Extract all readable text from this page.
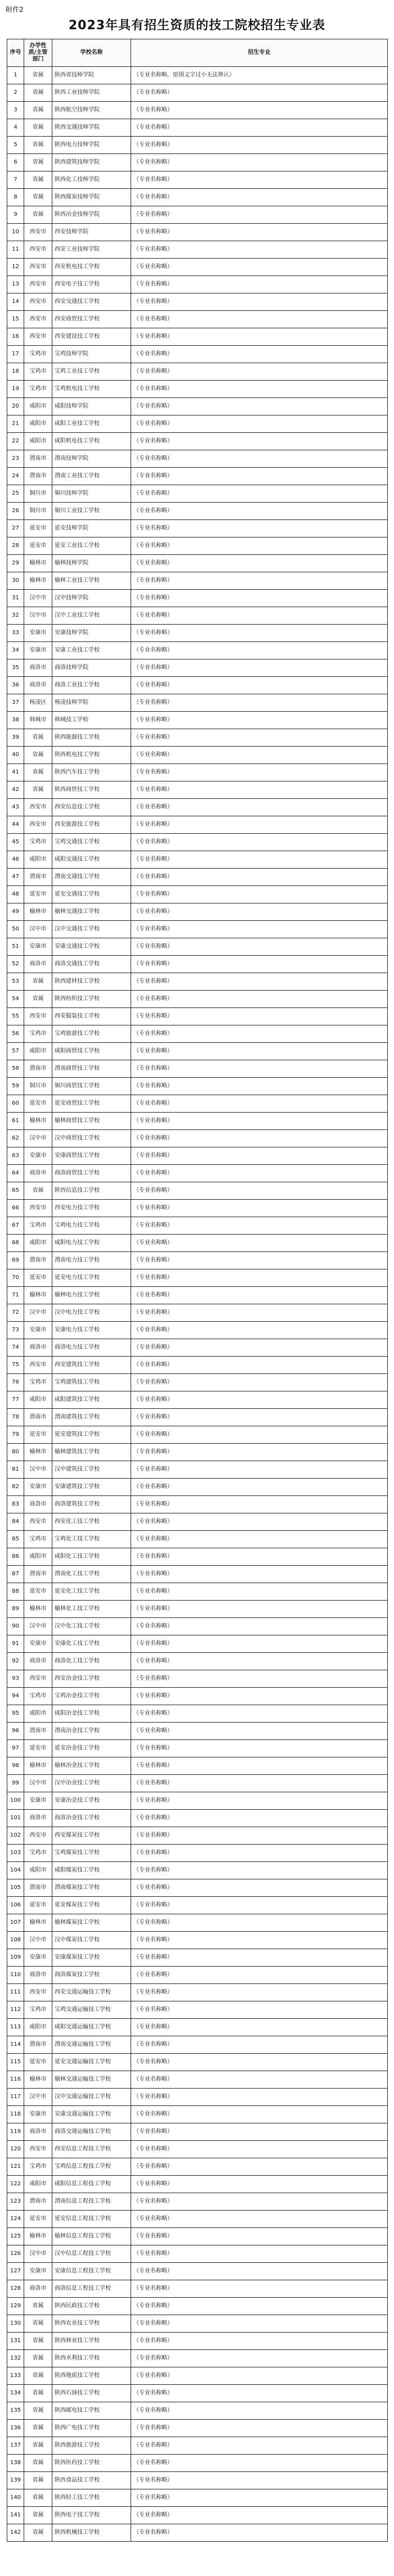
附件2
2023年具有招生资质的技工院校招生专业表
序号	办学性质/主管部门	学校名称	招生专业
1	省属	陕西省技师学院	（专业名称略，原图文字过小无法辨认）
2	省属	陕西工业技师学院	（专业名称略）
3	省属	陕西航空技师学院	（专业名称略）
4	省属	陕西交通技师学院	（专业名称略）
5	省属	陕西电力技师学院	（专业名称略）
6	省属	陕西建筑技师学院	（专业名称略）
7	省属	陕西化工技师学院	（专业名称略）
8	省属	陕西煤炭技师学院	（专业名称略）
9	省属	陕西冶金技师学院	（专业名称略）
10	西安市	西安技师学院	（专业名称略）
11	西安市	西安工业技师学院	（专业名称略）
12	西安市	西安机电技工学校	（专业名称略）
13	西安市	西安电子技工学校	（专业名称略）
14	西安市	西安交通技工学校	（专业名称略）
15	西安市	西安商贸技工学校	（专业名称略）
16	西安市	西安建设技工学校	（专业名称略）
17	宝鸡市	宝鸡技师学院	（专业名称略）
18	宝鸡市	宝鸡工业技工学校	（专业名称略）
19	宝鸡市	宝鸡机电技工学校	（专业名称略）
20	咸阳市	咸阳技师学院	（专业名称略）
21	咸阳市	咸阳工业技工学校	（专业名称略）
22	咸阳市	咸阳机电技工学校	（专业名称略）
23	渭南市	渭南技师学院	（专业名称略）
24	渭南市	渭南工业技工学校	（专业名称略）
25	铜川市	铜川技师学院	（专业名称略）
26	铜川市	铜川工业技工学校	（专业名称略）
27	延安市	延安技师学院	（专业名称略）
28	延安市	延安工业技工学校	（专业名称略）
29	榆林市	榆林技师学院	（专业名称略）
30	榆林市	榆林工业技工学校	（专业名称略）
31	汉中市	汉中技师学院	（专业名称略）
32	汉中市	汉中工业技工学校	（专业名称略）
33	安康市	安康技师学院	（专业名称略）
34	安康市	安康工业技工学校	（专业名称略）
35	商洛市	商洛技师学院	（专业名称略）
36	商洛市	商洛工业技工学校	（专业名称略）
37	杨凌区	杨凌技师学院	（专业名称略）
38	韩城市	韩城技工学校	（专业名称略）
39	省属	陕西能源技工学校	（专业名称略）
40	省属	陕西机电技工学校	（专业名称略）
41	省属	陕西汽车技工学校	（专业名称略）
42	省属	陕西商贸技工学校	（专业名称略）
43	西安市	西安信息技工学校	（专业名称略）
44	西安市	西安旅游技工学校	（专业名称略）
45	宝鸡市	宝鸡交通技工学校	（专业名称略）
46	咸阳市	咸阳交通技工学校	（专业名称略）
47	渭南市	渭南交通技工学校	（专业名称略）
48	延安市	延安交通技工学校	（专业名称略）
49	榆林市	榆林交通技工学校	（专业名称略）
50	汉中市	汉中交通技工学校	（专业名称略）
51	安康市	安康交通技工学校	（专业名称略）
52	商洛市	商洛交通技工学校	（专业名称略）
53	省属	陕西建材技工学校	（专业名称略）
54	省属	陕西纺织技工学校	（专业名称略）
55	西安市	西安服装技工学校	（专业名称略）
56	宝鸡市	宝鸡旅游技工学校	（专业名称略）
57	咸阳市	咸阳商贸技工学校	（专业名称略）
58	渭南市	渭南商贸技工学校	（专业名称略）
59	铜川市	铜川商贸技工学校	（专业名称略）
60	延安市	延安商贸技工学校	（专业名称略）
61	榆林市	榆林商贸技工学校	（专业名称略）
62	汉中市	汉中商贸技工学校	（专业名称略）
63	安康市	安康商贸技工学校	（专业名称略）
64	商洛市	商洛商贸技工学校	（专业名称略）
65	省属	陕西信息技工学校	（专业名称略）
66	西安市	西安电力技工学校	（专业名称略）
67	宝鸡市	宝鸡电力技工学校	（专业名称略）
68	咸阳市	咸阳电力技工学校	（专业名称略）
69	渭南市	渭南电力技工学校	（专业名称略）
70	延安市	延安电力技工学校	（专业名称略）
71	榆林市	榆林电力技工学校	（专业名称略）
72	汉中市	汉中电力技工学校	（专业名称略）
73	安康市	安康电力技工学校	（专业名称略）
74	商洛市	商洛电力技工学校	（专业名称略）
75	西安市	西安建筑技工学校	（专业名称略）
76	宝鸡市	宝鸡建筑技工学校	（专业名称略）
77	咸阳市	咸阳建筑技工学校	（专业名称略）
78	渭南市	渭南建筑技工学校	（专业名称略）
79	延安市	延安建筑技工学校	（专业名称略）
80	榆林市	榆林建筑技工学校	（专业名称略）
81	汉中市	汉中建筑技工学校	（专业名称略）
82	安康市	安康建筑技工学校	（专业名称略）
83	商洛市	商洛建筑技工学校	（专业名称略）
84	西安市	西安化工技工学校	（专业名称略）
85	宝鸡市	宝鸡化工技工学校	（专业名称略）
86	咸阳市	咸阳化工技工学校	（专业名称略）
87	渭南市	渭南化工技工学校	（专业名称略）
88	延安市	延安化工技工学校	（专业名称略）
89	榆林市	榆林化工技工学校	（专业名称略）
90	汉中市	汉中化工技工学校	（专业名称略）
91	安康市	安康化工技工学校	（专业名称略）
92	商洛市	商洛化工技工学校	（专业名称略）
93	西安市	西安冶金技工学校	（专业名称略）
94	宝鸡市	宝鸡冶金技工学校	（专业名称略）
95	咸阳市	咸阳冶金技工学校	（专业名称略）
96	渭南市	渭南冶金技工学校	（专业名称略）
97	延安市	延安冶金技工学校	（专业名称略）
98	榆林市	榆林冶金技工学校	（专业名称略）
99	汉中市	汉中冶金技工学校	（专业名称略）
100	安康市	安康冶金技工学校	（专业名称略）
101	商洛市	商洛冶金技工学校	（专业名称略）
102	西安市	西安煤炭技工学校	（专业名称略）
103	宝鸡市	宝鸡煤炭技工学校	（专业名称略）
104	咸阳市	咸阳煤炭技工学校	（专业名称略）
105	渭南市	渭南煤炭技工学校	（专业名称略）
106	延安市	延安煤炭技工学校	（专业名称略）
107	榆林市	榆林煤炭技工学校	（专业名称略）
108	汉中市	汉中煤炭技工学校	（专业名称略）
109	安康市	安康煤炭技工学校	（专业名称略）
110	商洛市	商洛煤炭技工学校	（专业名称略）
111	西安市	西安交通运输技工学校	（专业名称略）
112	宝鸡市	宝鸡交通运输技工学校	（专业名称略）
113	咸阳市	咸阳交通运输技工学校	（专业名称略）
114	渭南市	渭南交通运输技工学校	（专业名称略）
115	延安市	延安交通运输技工学校	（专业名称略）
116	榆林市	榆林交通运输技工学校	（专业名称略）
117	汉中市	汉中交通运输技工学校	（专业名称略）
118	安康市	安康交通运输技工学校	（专业名称略）
119	商洛市	商洛交通运输技工学校	（专业名称略）
120	西安市	西安信息工程技工学校	（专业名称略）
121	宝鸡市	宝鸡信息工程技工学校	（专业名称略）
122	咸阳市	咸阳信息工程技工学校	（专业名称略）
123	渭南市	渭南信息工程技工学校	（专业名称略）
124	延安市	延安信息工程技工学校	（专业名称略）
125	榆林市	榆林信息工程技工学校	（专业名称略）
126	汉中市	汉中信息工程技工学校	（专业名称略）
127	安康市	安康信息工程技工学校	（专业名称略）
128	商洛市	商洛信息工程技工学校	（专业名称略）
129	省属	陕西民政技工学校	（专业名称略）
130	省属	陕西农业技工学校	（专业名称略）
131	省属	陕西林业技工学校	（专业名称略）
132	省属	陕西水利技工学校	（专业名称略）
133	省属	陕西地质技工学校	（专业名称略）
134	省属	陕西石油技工学校	（专业名称略）
135	省属	陕西邮电技工学校	（专业名称略）
136	省属	陕西广电技工学校	（专业名称略）
137	省属	陕西旅游技工学校	（专业名称略）
138	省属	陕西医药技工学校	（专业名称略）
139	省属	陕西食品技工学校	（专业名称略）
140	省属	陕西轻工技工学校	（专业名称略）
141	省属	陕西电子技工学校	（专业名称略）
142	省属	陕西机械技工学校	（专业名称略）
